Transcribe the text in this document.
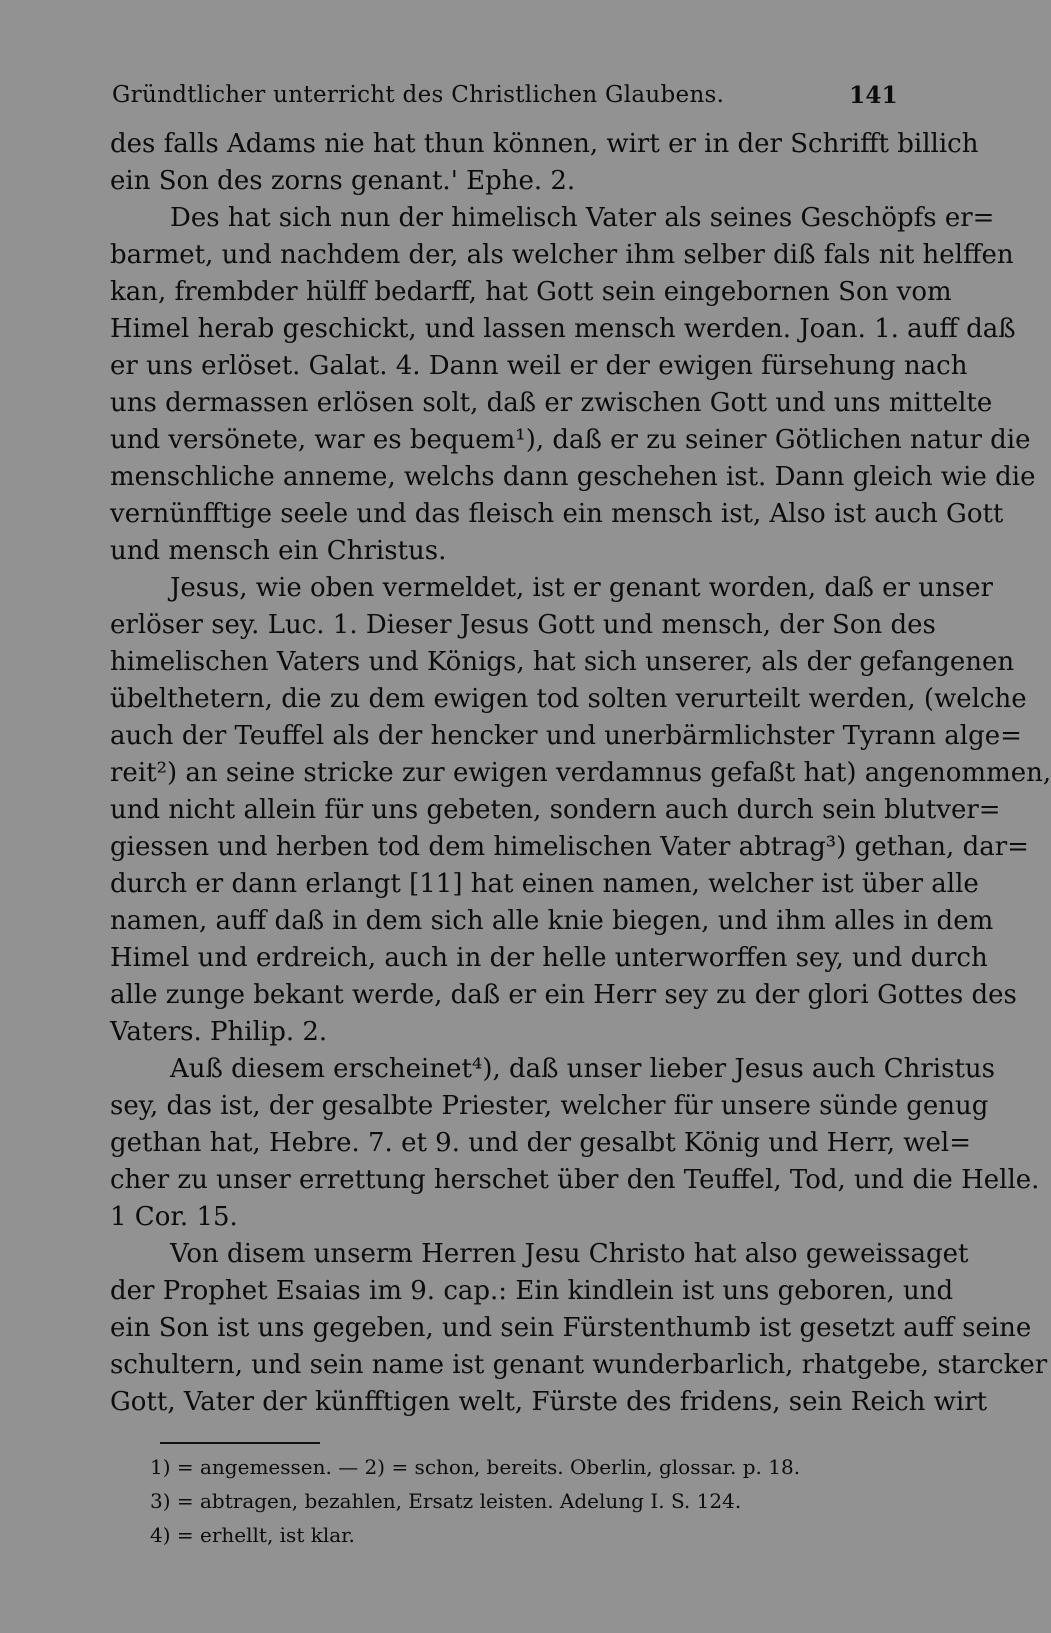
Gründtlicher unterricht des Christlichen Glaubens.	141
des falls Adams nie hat thun können, wirt er in der Schrifft billich
ein Son des zorns genant.' Ephe. 2.
Des hat sich nun der himelisch Vater als seines Geschöpfs er=
barmet, und nachdem der, als welcher ihm selber diß fals nit helffen
kan, frembder hülff bedarff, hat Gott sein eingebornen Son vom
Himel herab geschickt, und lassen mensch werden. Joan. 1. auff daß
er uns erlöset. Galat. 4. Dann weil er der ewigen fürsehung nach
uns dermassen erlösen solt, daß er zwischen Gott und uns mittelte
und versönete, war es bequem¹), daß er zu seiner Götlichen natur die
menschliche anneme, welchs dann geschehen ist. Dann gleich wie die
vernünfftige seele und das fleisch ein mensch ist, Also ist auch Gott
und mensch ein Christus.
Jesus, wie oben vermeldet, ist er genant worden, daß er unser
erlöser sey. Luc. 1. Dieser Jesus Gott und mensch, der Son des
himelischen Vaters und Königs, hat sich unserer, als der gefangenen
übelthetern, die zu dem ewigen tod solten verurteilt werden, (welche
auch der Teuffel als der hencker und unerbärmlichster Tyrann alge=
reit²) an seine stricke zur ewigen verdamnus gefaßt hat) angenommen,
und nicht allein für uns gebeten, sondern auch durch sein blutver=
giessen und herben tod dem himelischen Vater abtrag³) gethan, dar=
durch er dann erlangt [11] hat einen namen, welcher ist über alle
namen, auff daß in dem sich alle knie biegen, und ihm alles in dem
Himel und erdreich, auch in der helle unterworffen sey, und durch
alle zunge bekant werde, daß er ein Herr sey zu der glori Gottes des
Vaters. Philip. 2.
Auß diesem erscheinet⁴), daß unser lieber Jesus auch Christus
sey, das ist, der gesalbte Priester, welcher für unsere sünde genug
gethan hat, Hebre. 7. et 9. und der gesalbt König und Herr, wel=
cher zu unser errettung herschet über den Teuffel, Tod, und die Helle.
1 Cor. 15.
Von disem unserm Herren Jesu Christo hat also geweissaget
der Prophet Esaias im 9. cap.: Ein kindlein ist uns geboren, und
ein Son ist uns gegeben, und sein Fürstenthumb ist gesetzt auff seine
schultern, und sein name ist genant wunderbarlich, rhatgebe, starcker
Gott, Vater der künfftigen welt, Fürste des fridens, sein Reich wirt
1) = angemessen. — 2) = schon, bereits. Oberlin, glossar. p. 18.
3) = abtragen, bezahlen, Ersatz leisten. Adelung I. S. 124.
4) = erhellt, ist klar.
